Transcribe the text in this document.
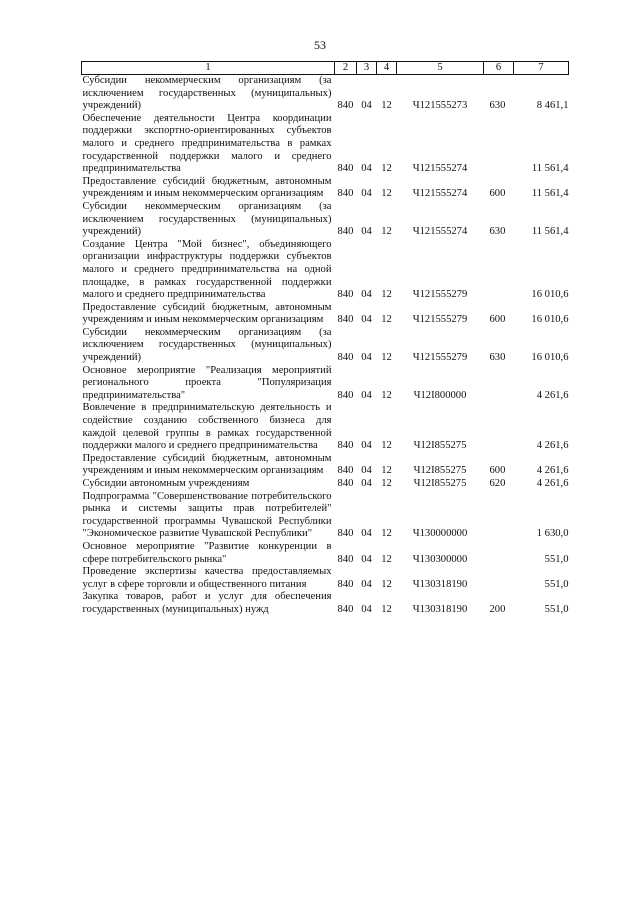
53
1	2	3	4	5	6	7
Субсидии некоммерческим организациям (за исключением государственных (муниципальных) учреждений)	840	04	12	Ч121555273	630	8 461,1
Обеспечение деятельности Центра координации поддержки экспортно-ориентированных субъектов малого и среднего предпринимательства в рамках государственной поддержки малого и среднего предпринимательства	840	04	12	Ч121555274		11 561,4
Предоставление субсидий бюджетным, автономным учреждениям и иным некоммерческим организациям	840	04	12	Ч121555274	600	11 561,4
Субсидии некоммерческим организациям (за исключением государственных (муниципальных) учреждений)	840	04	12	Ч121555274	630	11 561,4
Создание Центра "Мой бизнес", объединяющего организации инфраструктуры поддержки субъектов малого и среднего предпринимательства на одной площадке, в рамках государственной поддержки малого и среднего предпринимательства	840	04	12	Ч121555279		16 010,6
Предоставление субсидий бюджетным, автономным учреждениям и иным некоммерческим организациям	840	04	12	Ч121555279	600	16 010,6
Субсидии некоммерческим организациям (за исключением государственных (муниципальных) учреждений)	840	04	12	Ч121555279	630	16 010,6
Основное мероприятие "Реализация мероприятий регионального проекта "Популяризация предпринимательства"	840	04	12	Ч12I800000		4 261,6
Вовлечение в предпринимательскую деятельность и содействие созданию собственного бизнеса для каждой целевой группы в рамках государственной поддержки малого и среднего предпринимательства	840	04	12	Ч12I855275		4 261,6
Предоставление субсидий бюджетным, автономным учреждениям и иным некоммерческим организациям	840	04	12	Ч12I855275	600	4 261,6
Субсидии автономным учреждениям	840	04	12	Ч12I855275	620	4 261,6
Подпрограмма "Совершенствование потребительского рынка и системы защиты прав потребителей" государственной программы Чувашской Республики "Экономическое развитие Чувашской Республики"	840	04	12	Ч130000000		1 630,0
Основное мероприятие "Развитие конкуренции в сфере потребительского рынка"	840	04	12	Ч130300000		551,0
Проведение экспертизы качества предоставляемых услуг в сфере торговли и общественного питания	840	04	12	Ч130318190		551,0
Закупка товаров, работ и услуг для обеспечения государственных (муниципальных) нужд	840	04	12	Ч130318190	200	551,0
